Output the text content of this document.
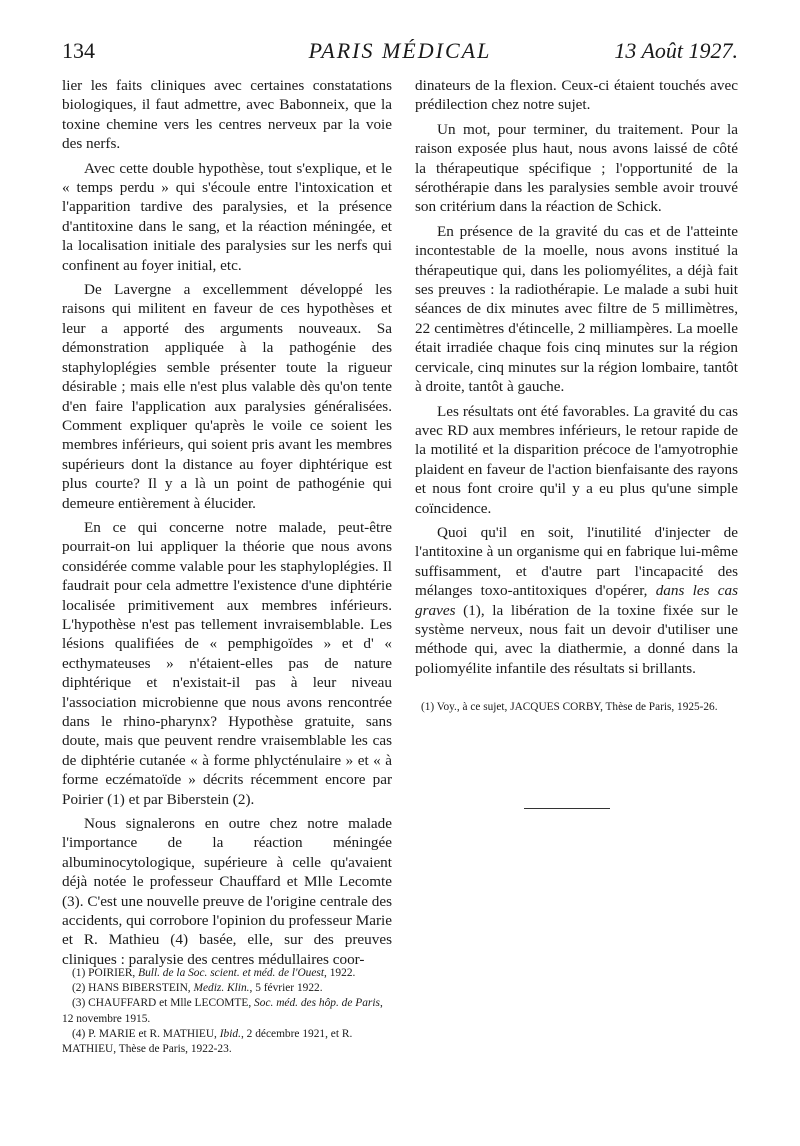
134	PARIS MÉDICAL	13 Août 1927.

lier les faits cliniques avec certaines constatations biologiques, il faut admettre, avec Babonneix, que la toxine chemine vers les centres nerveux par la voie des nerfs.

Avec cette double hypothèse, tout s'explique, et le « temps perdu » qui s'écoule entre l'intoxication et l'apparition tardive des paralysies, et la présence d'antitoxine dans le sang, et la réaction méningée, et la localisation initiale des paralysies sur les nerfs qui confinent au foyer initial, etc.

De Lavergne a excellemment développé les raisons qui militent en faveur de ces hypothèses et leur a apporté des arguments nouveaux. Sa démonstration appliquée à la pathogénie des staphyloplégies semble présenter toute la rigueur désirable ; mais elle n'est plus valable dès qu'on tente d'en faire l'application aux paralysies généralisées. Comment expliquer qu'après le voile ce soient les membres inférieurs, qui soient pris avant les membres supérieurs dont la distance au foyer diphtérique est plus courte? Il y a là un point de pathogénie qui demeure entièrement à élucider.

En ce qui concerne notre malade, peut-être pourrait-on lui appliquer la théorie que nous avons considérée comme valable pour les staphyloplégies. Il faudrait pour cela admettre l'existence d'une diphtérie localisée primitivement aux membres inférieurs. L'hypothèse n'est pas tellement invraisemblable. Les lésions qualifiées de « pemphigoïdes » et d' « ecthymateuses » n'étaient-elles pas de nature diphtérique et n'existait-il pas à leur niveau l'association microbienne que nous avons rencontrée dans le rhino-pharynx? Hypothèse gratuite, sans doute, mais que peuvent rendre vraisemblable les cas de diphtérie cutanée « à forme phlycténulaire » et « à forme eczématoïde » décrits récemment encore par Poirier (1) et par Biberstein (2).

Nous signalerons en outre chez notre malade l'importance de la réaction méningée albuminocytologique, supérieure à celle qu'avaient déjà notée le professeur Chauffard et Mlle Lecomte (3). C'est une nouvelle preuve de l'origine centrale des accidents, qui corrobore l'opinion du professeur Marie et R. Mathieu (4) basée, elle, sur des preuves cliniques : paralysie des centres médullaires coor-

dinateurs de la flexion. Ceux-ci étaient touchés avec prédilection chez notre sujet.

Un mot, pour terminer, du traitement. Pour la raison exposée plus haut, nous avons laissé de côté la thérapeutique spécifique ; l'opportunité de la sérothérapie dans les paralysies semble avoir trouvé son critérium dans la réaction de Schick.

En présence de la gravité du cas et de l'atteinte incontestable de la moelle, nous avons institué la thérapeutique qui, dans les poliomyélites, a déjà fait ses preuves : la radiothérapie. Le malade a subi huit séances de dix minutes avec filtre de 5 millimètres, 22 centimètres d'étincelle, 2 milliampères. La moelle était irradiée chaque fois cinq minutes sur la région cervicale, cinq minutes sur la région lombaire, tantôt à droite, tantôt à gauche.

Les résultats ont été favorables. La gravité du cas avec RD aux membres inférieurs, le retour rapide de la motilité et la disparition précoce de l'amyotrophie plaident en faveur de l'action bienfaisante des rayons et nous font croire qu'il y a eu plus qu'une simple coïncidence.

Quoi qu'il en soit, l'inutilité d'injecter de l'antitoxine à un organisme qui en fabrique lui-même suffisamment, et d'autre part l'incapacité des mélanges toxo-antitoxiques d'opérer, dans les cas graves (1), la libération de la toxine fixée sur le système nerveux, nous fait un devoir d'utiliser une méthode qui, avec la diathermie, a donné dans la poliomyélite infantile des résultats si brillants.

(1) Voy., à ce sujet, JACQUES CORBY, Thèse de Paris, 1925-26.

(1) POIRIER, Bull. de la Soc. scient. et méd. de l'Ouest, 1922.
(2) HANS BIBERSTEIN, Mediz. Klin., 5 février 1922.
(3) CHAUFFARD et Mlle LECOMTE, Soc. méd. des hôp. de Paris, 12 novembre 1915.
(4) P. MARIE et R. MATHIEU, Ibid., 2 décembre 1921, et R. MATHIEU, Thèse de Paris, 1922-23.
